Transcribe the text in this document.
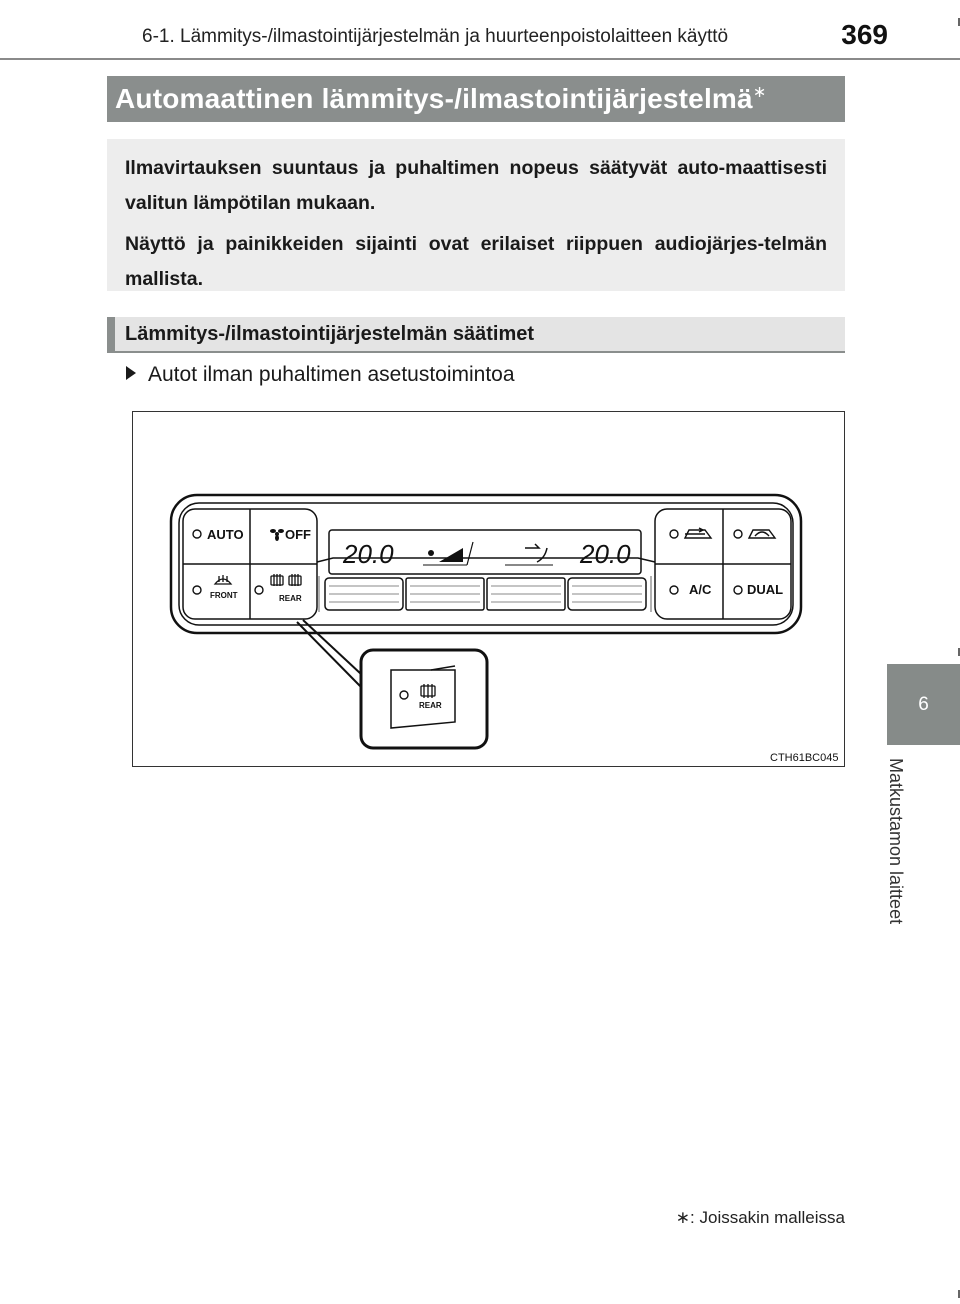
6-1. Lämmitys-/ilmastointijärjestelmän ja huurteenpoistolaitteen käyttö	369
6
Matkustamon laitteet
Automaattinen lämmitys-/ilmastointijärjestelmä∗

Ilmavirtauksen suuntaus ja puhaltimen nopeus säätyvät auto-maattisesti valitun lämpötilan mukaan.

Näyttö ja painikkeiden sijainti ovat erilaiset riippuen audiojärjes-telmän mallista.

Lämmitys-/ilmastointijärjestelmän säätimet
Autot ilman puhaltimen asetustoimintoa
AUTO	OFF
FRONT	REAR
A/C	DUAL
20.0	20.0
REAR
CTH61BC045
∗: Joissakin malleissa
